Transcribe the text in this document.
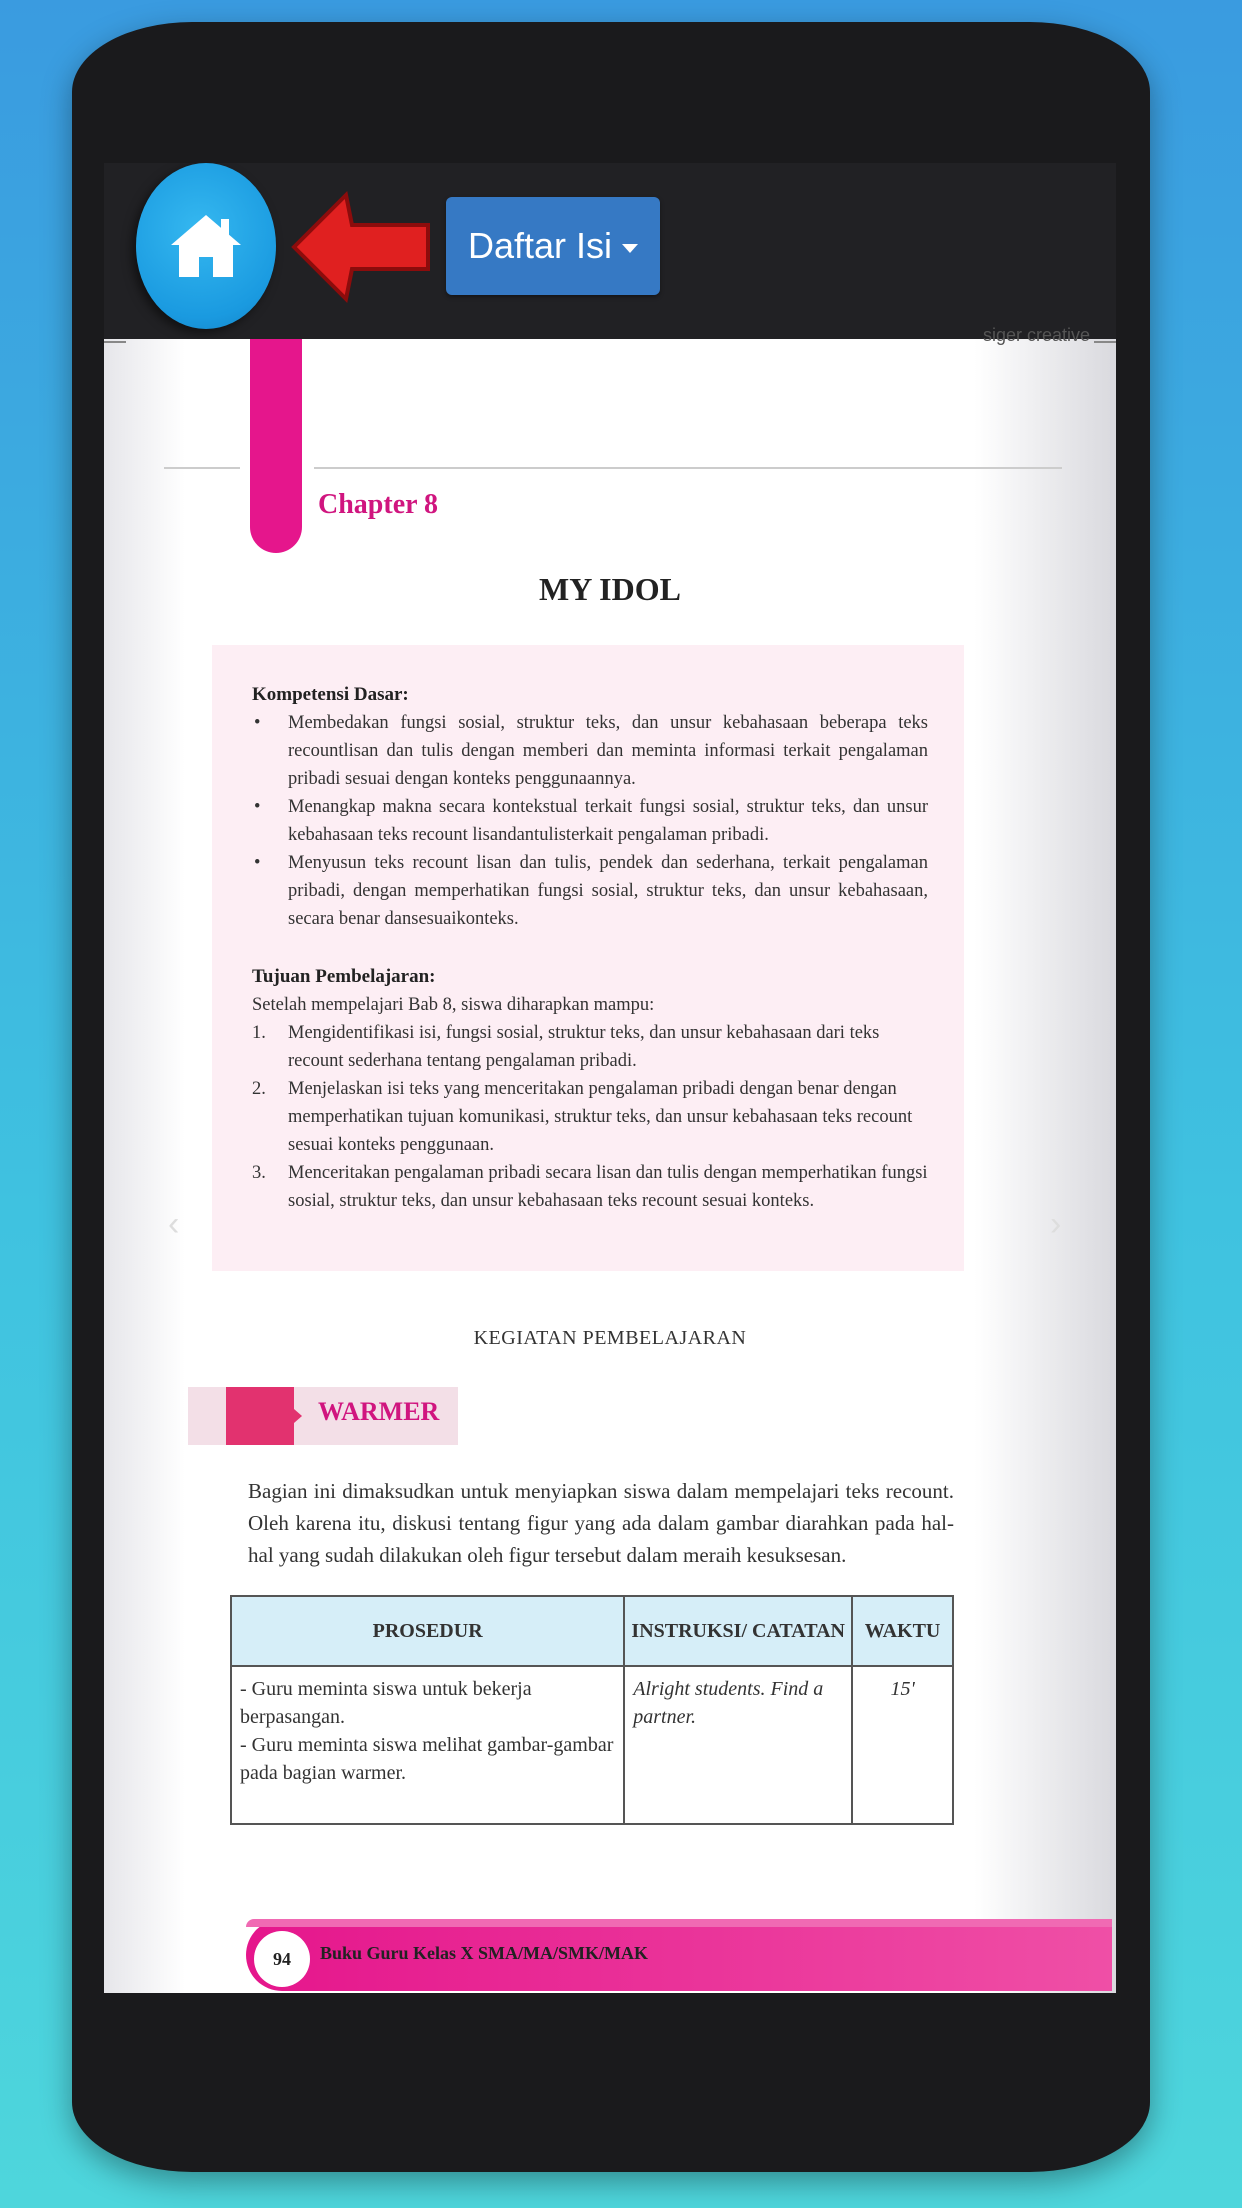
Daftar Isi
siger creative
Chapter 8
MY IDOL
Kompetensi Dasar:
• Membedakan fungsi sosial, struktur teks, dan unsur kebahasaan beberapa teks recountlisan dan tulis dengan memberi dan meminta informasi terkait pengalaman pribadi sesuai dengan konteks penggunaannya.
• Menangkap makna secara kontekstual terkait fungsi sosial, struktur teks, dan unsur kebahasaan teks recount lisandantulisterkait pengalaman pribadi.
• Menyusun teks recount lisan dan tulis, pendek dan sederhana, terkait pengalaman pribadi, dengan memperhatikan fungsi sosial, struktur teks, dan unsur kebahasaan, secara benar dansesuaikonteks.
Tujuan Pembelajaran:
Setelah mempelajari Bab 8, siswa diharapkan mampu:
1. Mengidentifikasi isi, fungsi sosial, struktur teks, dan unsur kebahasaan dari teks recount sederhana tentang pengalaman pribadi.
2. Menjelaskan isi teks yang menceritakan pengalaman pribadi dengan benar dengan memperhatikan tujuan komunikasi, struktur teks, dan unsur kebahasaan teks recount sesuai konteks penggunaan.
3. Menceritakan pengalaman pribadi secara lisan dan tulis dengan memperhatikan fungsi sosial, struktur teks, dan unsur kebahasaan teks recount sesuai konteks.
‹	›
KEGIATAN PEMBELAJARAN
WARMER
Bagian ini dimaksudkan untuk menyiapkan siswa dalam mempelajari teks recount. Oleh karena itu, diskusi tentang figur yang ada dalam gambar diarahkan pada hal-hal yang sudah dilakukan oleh figur tersebut dalam meraih kesuksesan.
PROSEDUR	INSTRUKSI/ CATATAN	WAKTU
- Guru meminta siswa untuk bekerja berpasangan.
- Guru meminta siswa melihat gambar-gambar pada bagian warmer.	Alright students. Find a partner.	15'
94	Buku Guru Kelas X SMA/MA/SMK/MAK
